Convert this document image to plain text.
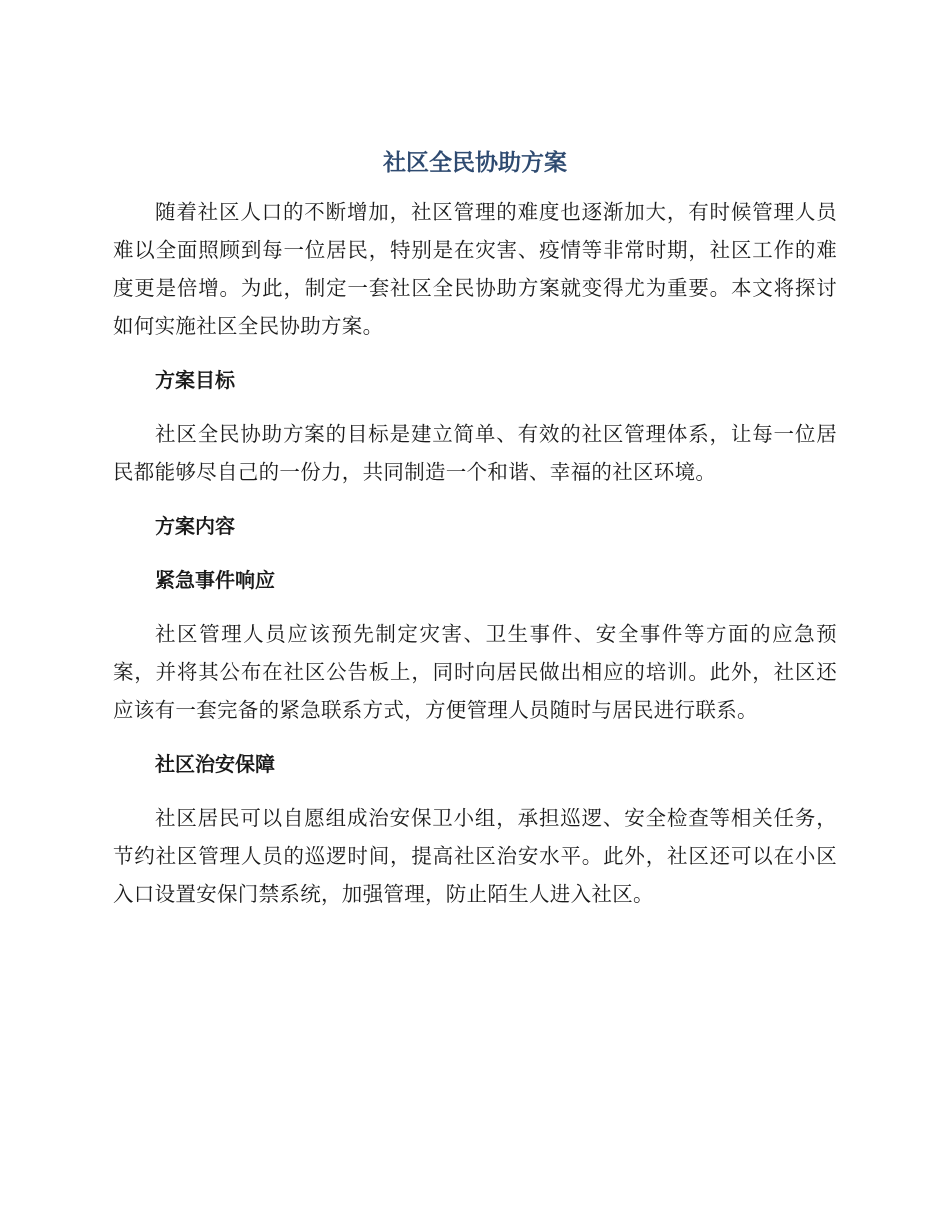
社区全民协助方案

随着社区人口的不断增加，社区管理的难度也逐渐加大，有时候管理人员难以全面照顾到每一位居民，特别是在灾害、疫情等非常时期，社区工作的难度更是倍增。为此，制定一套社区全民协助方案就变得尤为重要。本文将探讨如何实施社区全民协助方案。

方案目标

社区全民协助方案的目标是建立简单、有效的社区管理体系，让每一位居民都能够尽自己的一份力，共同制造一个和谐、幸福的社区环境。

方案内容
紧急事件响应

社区管理人员应该预先制定灾害、卫生事件、安全事件等方面的应急预案，并将其公布在社区公告板上，同时向居民做出相应的培训。此外，社区还应该有一套完备的紧急联系方式，方便管理人员随时与居民进行联系。

社区治安保障

社区居民可以自愿组成治安保卫小组，承担巡逻、安全检查等相关任务，节约社区管理人员的巡逻时间，提高社区治安水平。此外，社区还可以在小区入口设置安保门禁系统，加强管理，防止陌生人进入社区。
